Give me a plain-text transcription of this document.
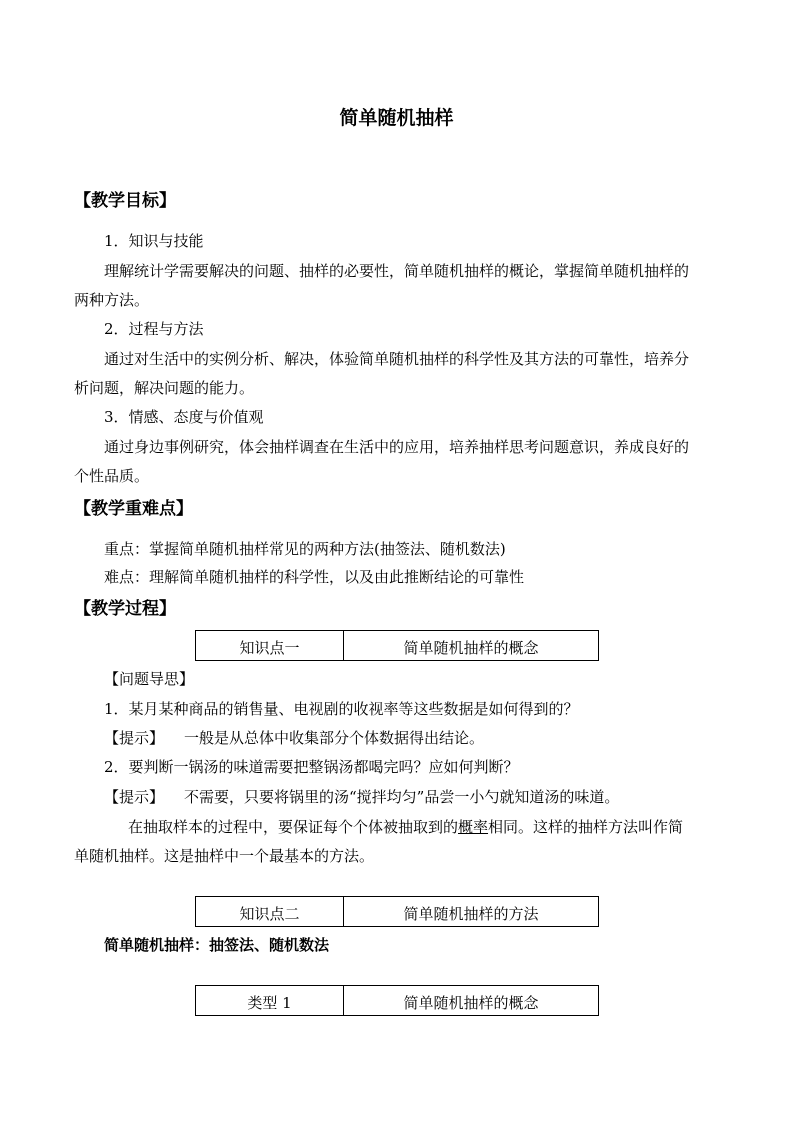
简单随机抽样
【教学目标】
1．知识与技能
理解统计学需要解决的问题、抽样的必要性，简单随机抽样的概论，掌握简单随机抽样的
两种方法。
2．过程与方法
通过对生活中的实例分析、解决，体验简单随机抽样的科学性及其方法的可靠性，培养分
析问题，解决问题的能力。
3．情感、态度与价值观
通过身边事例研究，体会抽样调查在生活中的应用，培养抽样思考问题意识，养成良好的
个性品质。
【教学重难点】
重点：掌握简单随机抽样常见的两种方法(抽签法、随机数法)
难点：理解简单随机抽样的科学性，以及由此推断结论的可靠性
【教学过程】
知识点一	简单随机抽样的概念
【问题导思】
1．某月某种商品的销售量、电视剧的收视率等这些数据是如何得到的？
【提示】 一般是从总体中收集部分个体数据得出结论。
2．要判断一锅汤的味道需要把整锅汤都喝完吗？应如何判断？
【提示】 不需要，只要将锅里的汤“搅拌均匀”品尝一小勺就知道汤的味道。
在抽取样本的过程中，要保证每个个体被抽取到的概率相同。这样的抽样方法叫作简
单随机抽样。这是抽样中一个最基本的方法。
知识点二	简单随机抽样的方法
简单随机抽样：抽签法、随机数法
类型 1	简单随机抽样的概念
